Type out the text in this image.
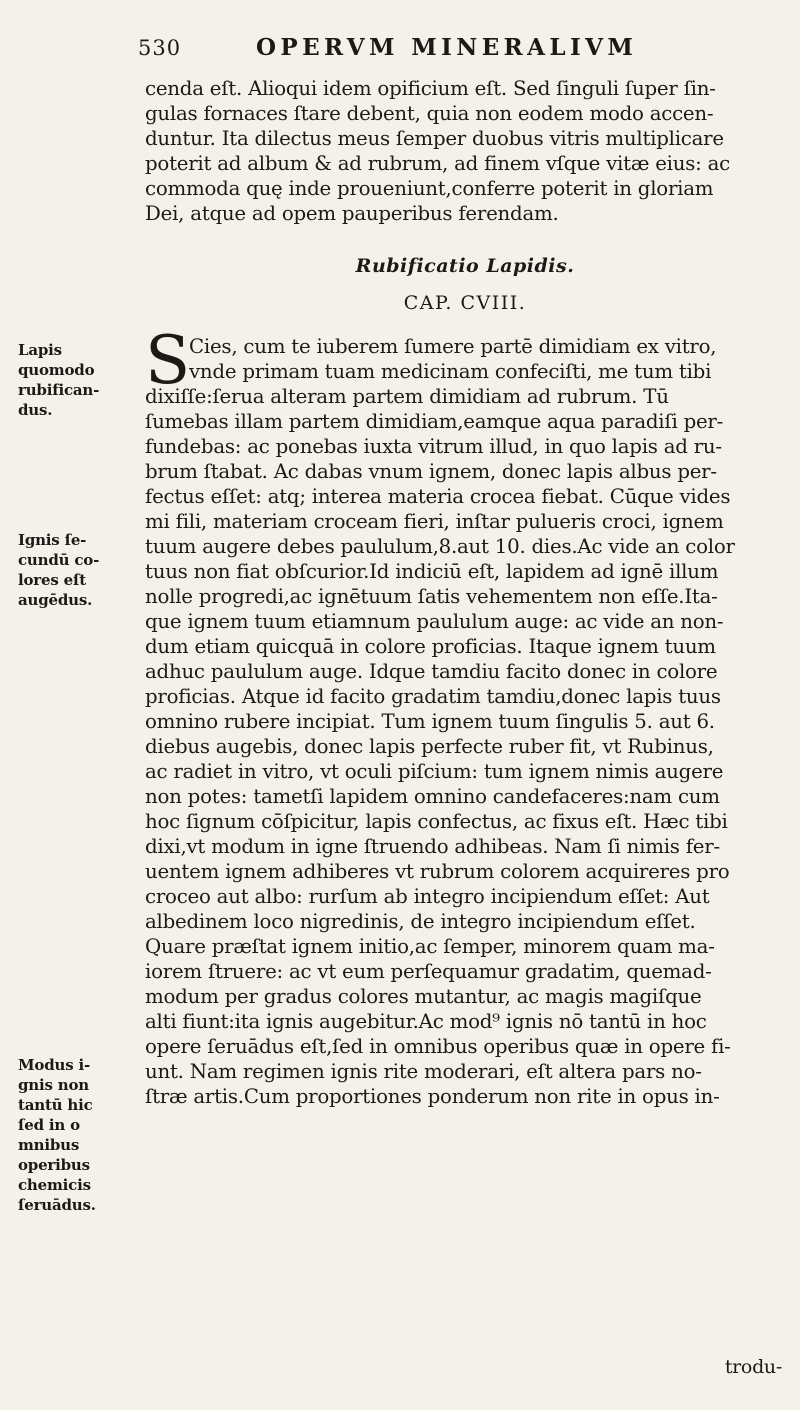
530	OPERVM MINERALIVM
Lapis
quomodo
rubifican-
dus.
Ignis ſe-
cundū co-
lores eſt
augēdus.
Modus i-
gnis non
tantū hic
ſed in o
mnibus
operibus
chemicis
ſeruādus.
cenda eſt. Alioqui idem opificium eſt. Sed ſinguli ſuper ſin-
gulas fornaces ſtare debent, quia non eodem modo accen-
duntur. Ita dilectus meus ſemper duobus vitris multiplicare
poterit ad album & ad rubrum, ad finem vſque vitæ eius: ac
commoda quę inde proueniunt,conferre poterit in gloriam
Dei, atque ad opem pauperibus ferendam.
Rubificatio Lapidis.
CAP. CVIII.
S
Cies, cum te iuberem ſumere partē dimidiam ex vitro,
vnde primam tuam medicinam confeciſti, me tum tibi
dixiſſe:ſerua alteram partem dimidiam ad rubrum. Tū
ſumebas illam partem dimidiam,eamque aqua paradiſi per-
fundebas: ac ponebas iuxta vitrum illud, in quo lapis ad ru-
brum ſtabat. Ac dabas vnum ignem, donec lapis albus per-
fectus eſſet: atq; interea materia crocea fiebat. Cūque vides
mi fili, materiam croceam fieri, inſtar pulueris croci, ignem
tuum augere debes paululum,8.aut 10. dies.Ac vide an color
tuus non fiat obſcurior.Id indiciū eſt, lapidem ad ignē illum
nolle progredi,ac ignētuum ſatis vehementem non eſſe.Ita-
que ignem tuum etiamnum paululum auge: ac vide an non-
dum etiam quicquā in colore proficias. Itaque ignem tuum
adhuc paululum auge. Idque tamdiu facito donec in colore
proficias. Atque id facito gradatim tamdiu,donec lapis tuus
omnino rubere incipiat. Tum ignem tuum ſingulis 5. aut 6.
diebus augebis, donec lapis perfecte ruber fit, vt Rubinus,
ac radiet in vitro, vt oculi piſcium: tum ignem nimis augere
non potes: tametſi lapidem omnino candefaceres:nam cum
hoc ſignum cōſpicitur, lapis confectus, ac fixus eſt. Hæc tibi
dixi,vt modum in igne ſtruendo adhibeas. Nam ſi nimis fer-
uentem ignem adhiberes vt rubrum colorem acquireres pro
croceo aut albo: rurſum ab integro incipiendum eſſet: Aut
albedinem loco nigredinis, de integro incipiendum eſſet.
Quare præſtat ignem initio,ac ſemper, minorem quam ma-
iorem ſtruere: ac vt eum perſequamur gradatim, quemad-
modum per gradus colores mutantur, ac magis magiſque
alti fiunt:ita ignis augebitur.Ac mod⁹ ignis nō tantū in hoc
opere ſeruādus eſt,ſed in omnibus operibus quæ in opere fi-
unt. Nam regimen ignis rite moderari, eſt altera pars no-
ſtræ artis.Cum proportiones ponderum non rite in opus in-
trodu-
